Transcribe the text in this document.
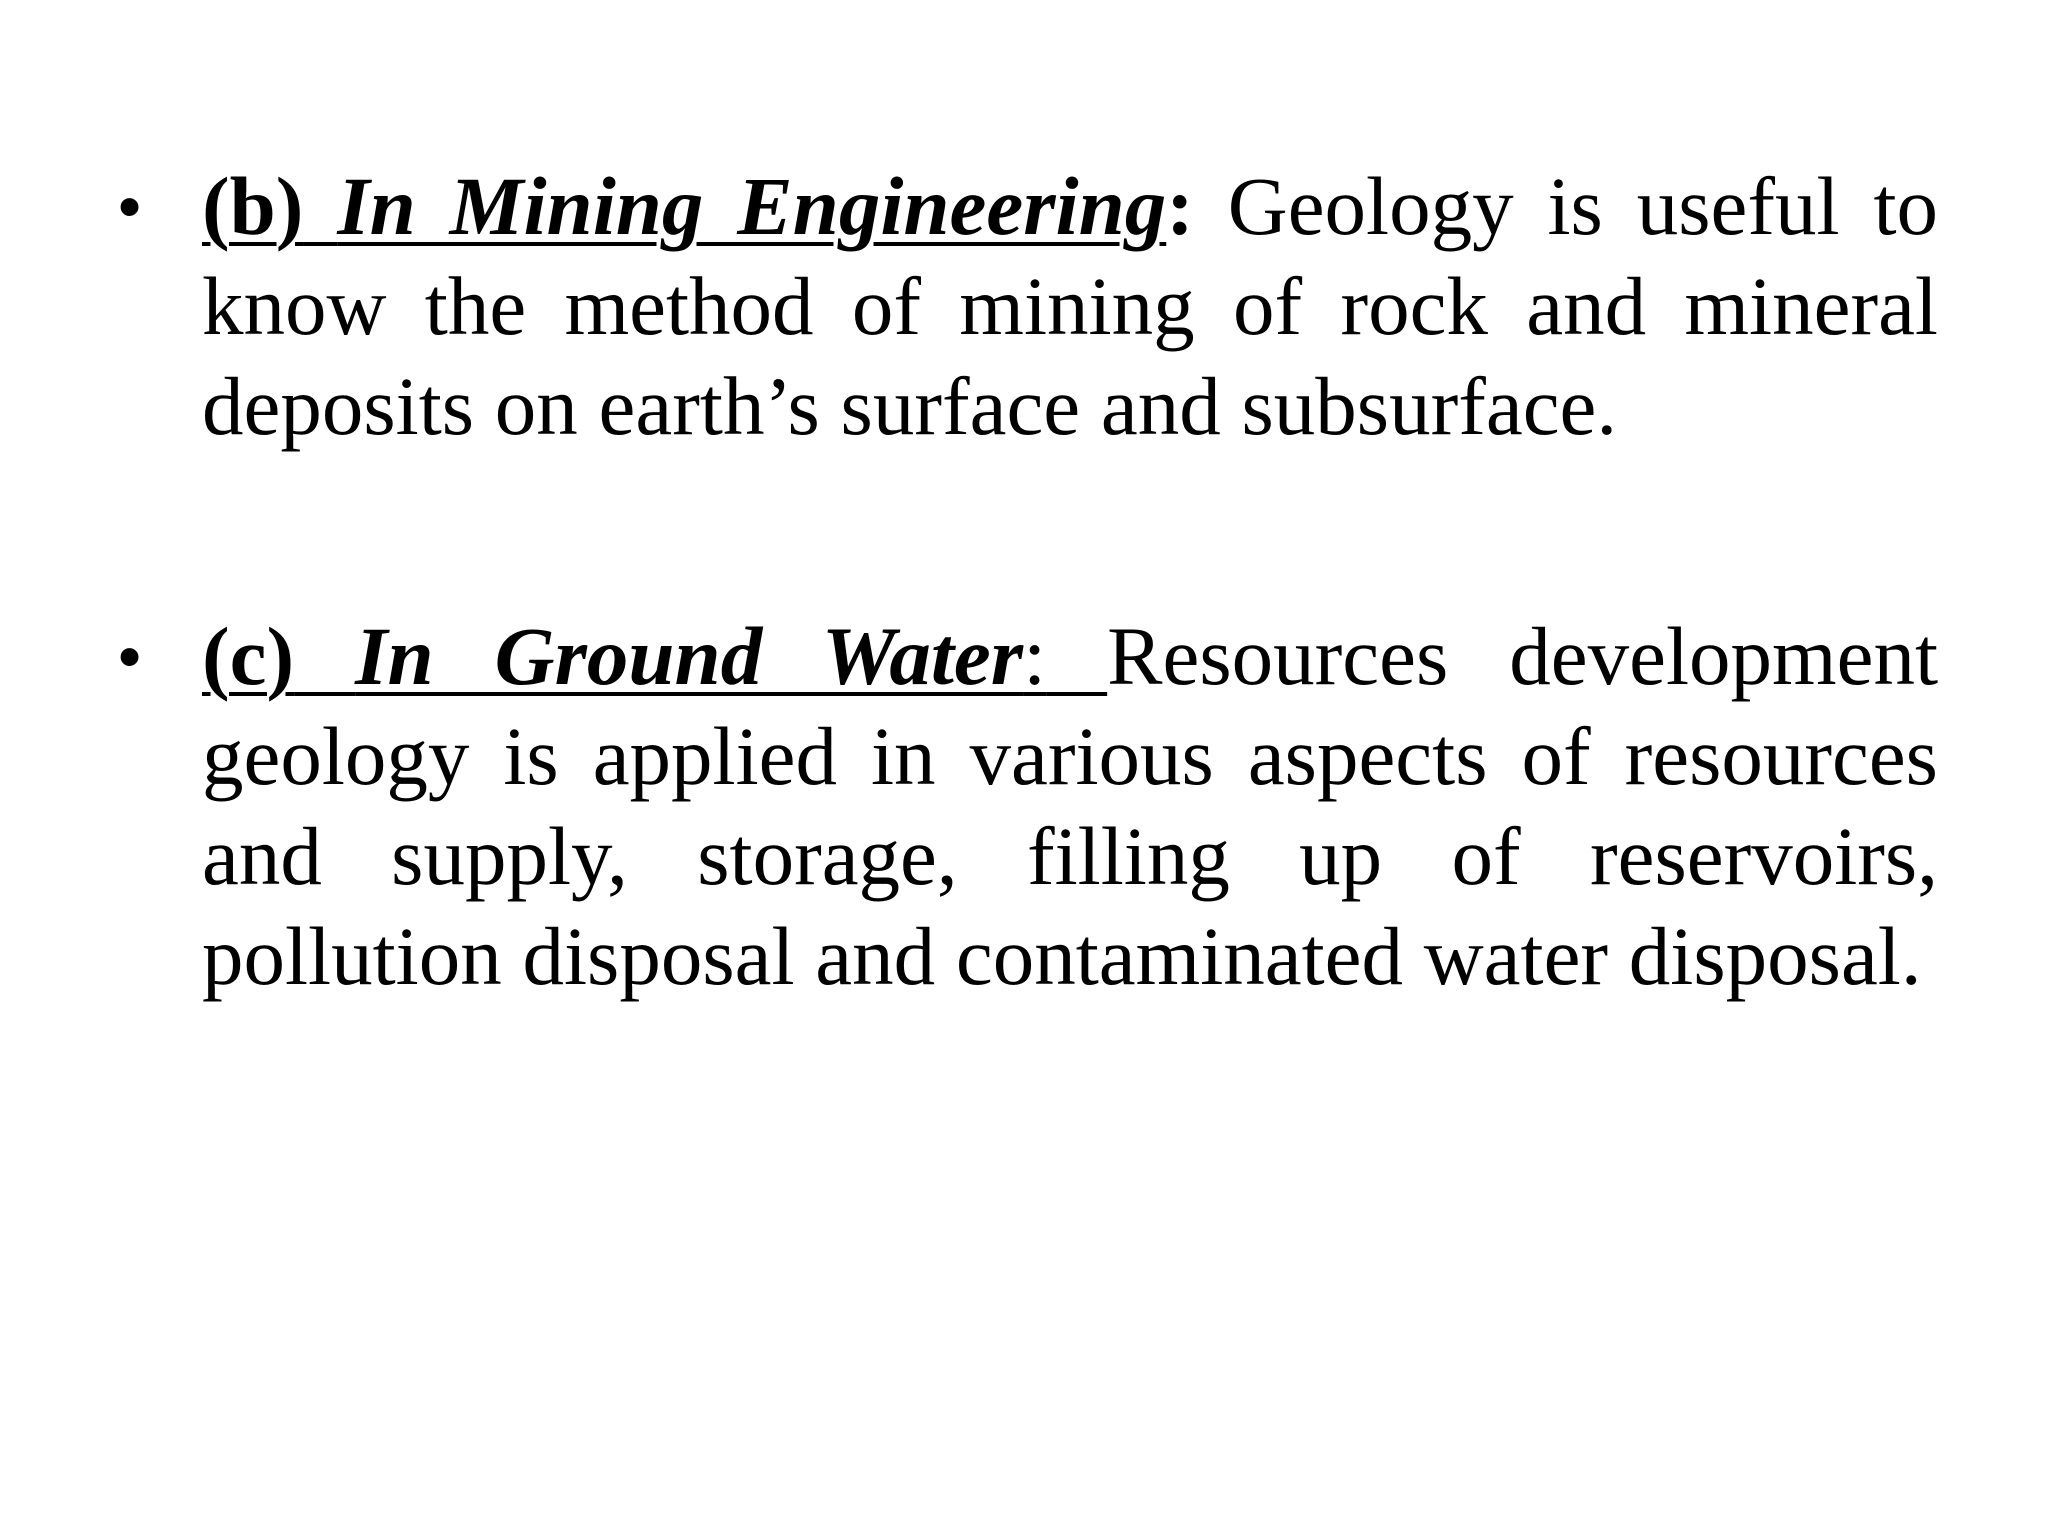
• (b) In Mining Engineering: Geology is useful to know the method of mining of rock and mineral deposits on earth’s surface and subsurface.
• (c) In Ground Water: Resources development geology is applied in various aspects of resources and supply, storage, filling up of reservoirs, pollution disposal and contaminated water disposal.
